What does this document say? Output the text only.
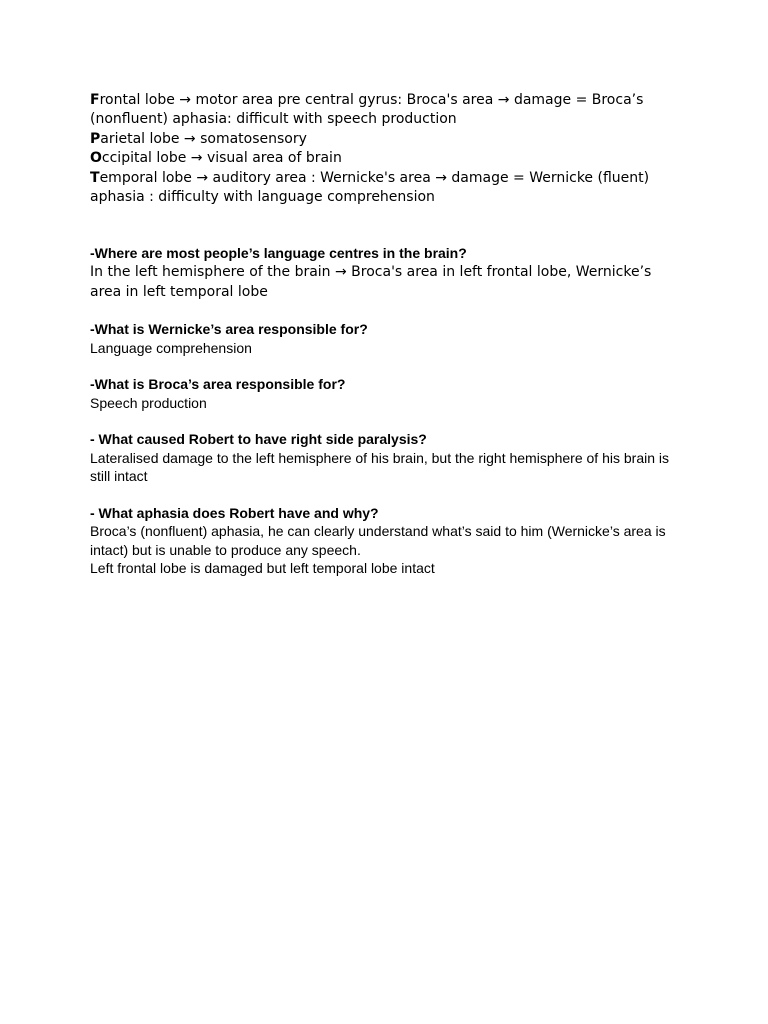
Frontal lobe → motor area pre central gyrus: Broca's area → damage = Broca’s (nonfluent) aphasia: difficult with speech production

Parietal lobe → somatosensory

Occipital lobe → visual area of brain

Temporal lobe → auditory area : Wernicke's area → damage = Wernicke (fluent) aphasia : difficulty with language comprehension

-Where are most people’s language centres in the brain?

In the left hemisphere of the brain → Broca's area in left frontal lobe, Wernicke’s area in left temporal lobe

-What is Wernicke’s area responsible for?

Language comprehension

-What is Broca’s area responsible for?

Speech production

- What caused Robert to have right side paralysis?

Lateralised damage to the left hemisphere of his brain, but the right hemisphere of his brain is still intact

- What aphasia does Robert have and why?

Broca’s (nonfluent) aphasia, he can clearly understand what’s said to him (Wernicke’s area is intact) but is unable to produce any speech.

Left frontal lobe is damaged but left temporal lobe intact
